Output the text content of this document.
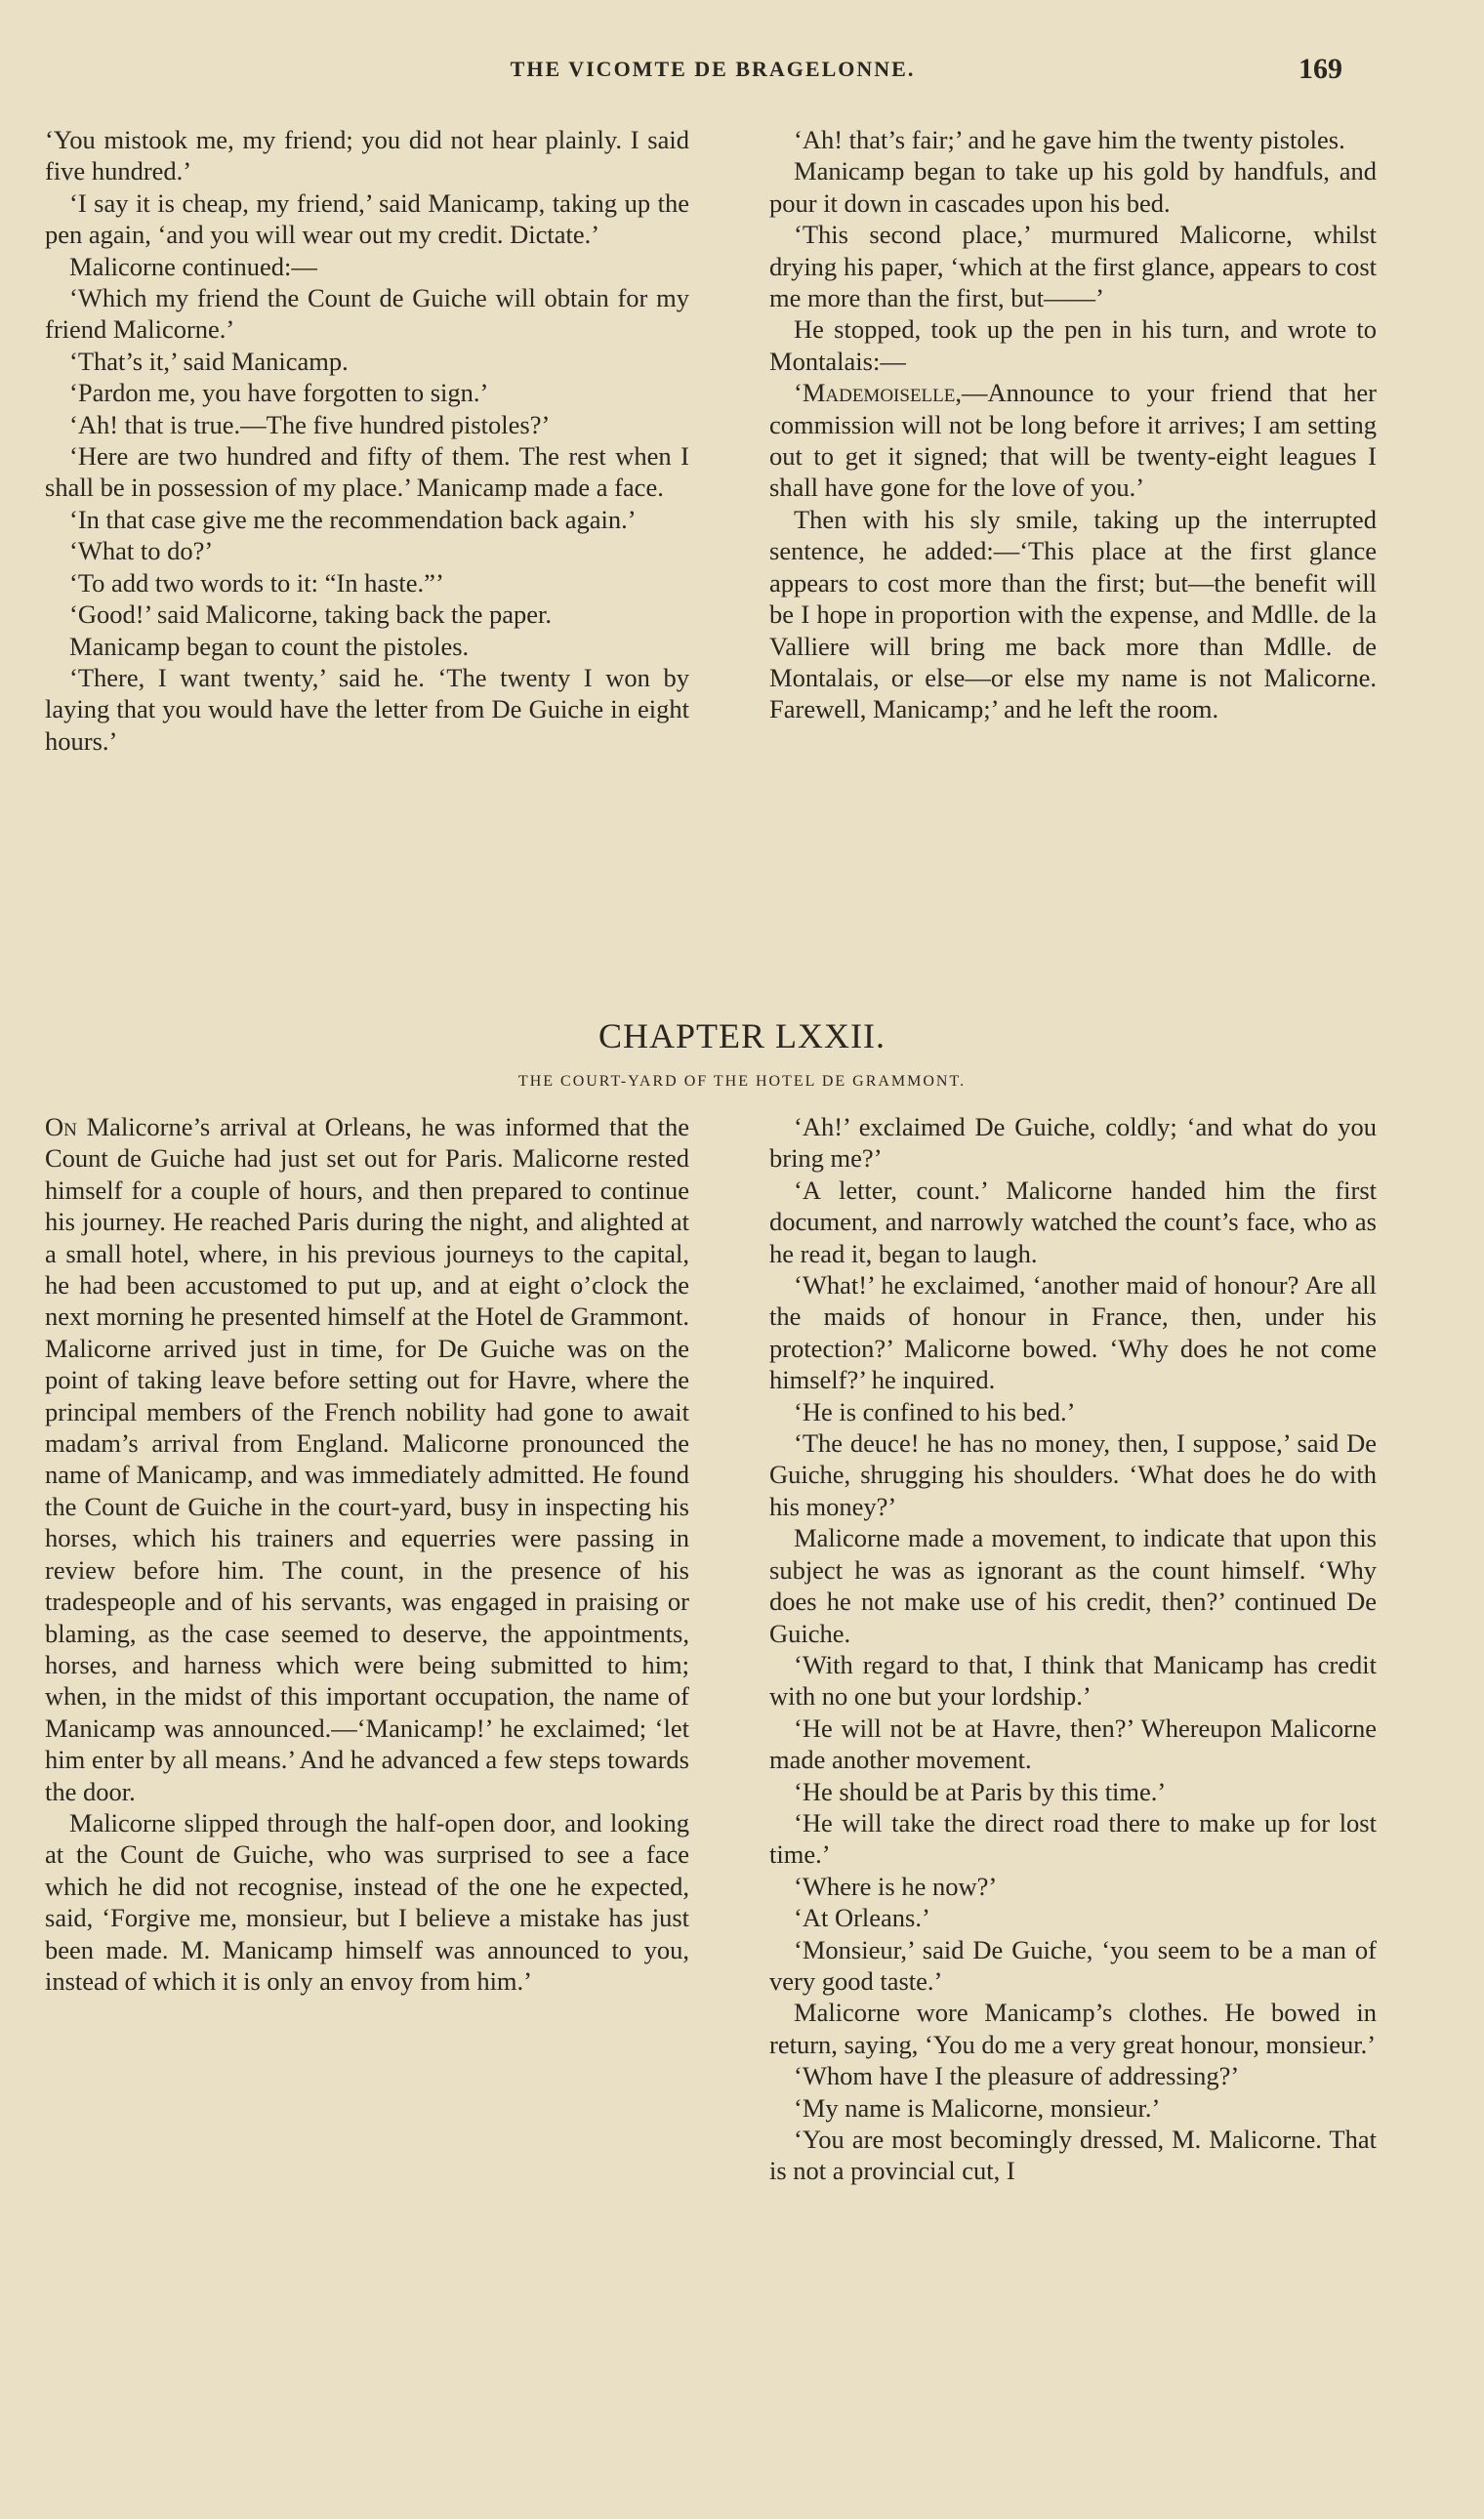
THE VICOMTE DE BRAGELONNE.	169

‘You mistook me, my friend; you did not hear plainly. I said five hundred.’

‘I say it is cheap, my friend,’ said Manicamp, taking up the pen again, ‘and you will wear out my credit. Dictate.’

Malicorne continued:—

‘Which my friend the Count de Guiche will obtain for my friend Malicorne.’

‘That’s it,’ said Manicamp.

‘Pardon me, you have forgotten to sign.’

‘Ah! that is true.—The five hundred pistoles?’

‘Here are two hundred and fifty of them. The rest when I shall be in possession of my place.’ Manicamp made a face.

‘In that case give me the recommendation back again.’

‘What to do?’

‘To add two words to it: “In haste.”’

‘Good!’ said Malicorne, taking back the paper.

Manicamp began to count the pistoles.

‘There, I want twenty,’ said he. ‘The twenty I won by laying that you would have the letter from De Guiche in eight hours.’

‘Ah! that’s fair;’ and he gave him the twenty pistoles.

Manicamp began to take up his gold by handfuls, and pour it down in cascades upon his bed.

‘This second place,’ murmured Malicorne, whilst drying his paper, ‘which at the first glance, appears to cost me more than the first, but——’

He stopped, took up the pen in his turn, and wrote to Montalais:—

‘Mademoiselle,—Announce to your friend that her commission will not be long before it arrives; I am setting out to get it signed; that will be twenty-eight leagues I shall have gone for the love of you.’

Then with his sly smile, taking up the interrupted sentence, he added:—‘This place at the first glance appears to cost more than the first; but—the benefit will be I hope in proportion with the expense, and Mdlle. de la Valliere will bring me back more than Mdlle. de Montalais, or else—or else my name is not Malicorne. Farewell, Manicamp;’ and he left the room.

CHAPTER LXXII.
THE COURT-YARD OF THE HOTEL DE GRAMMONT.

On Malicorne’s arrival at Orleans, he was informed that the Count de Guiche had just set out for Paris. Malicorne rested himself for a couple of hours, and then prepared to continue his journey. He reached Paris during the night, and alighted at a small hotel, where, in his previous journeys to the capital, he had been accustomed to put up, and at eight o’clock the next morning he presented himself at the Hotel de Grammont. Malicorne arrived just in time, for De Guiche was on the point of taking leave before setting out for Havre, where the principal members of the French nobility had gone to await madam’s arrival from England. Malicorne pronounced the name of Manicamp, and was immediately admitted. He found the Count de Guiche in the court-yard, busy in inspecting his horses, which his trainers and equerries were passing in review before him. The count, in the presence of his tradespeople and of his servants, was engaged in praising or blaming, as the case seemed to deserve, the appointments, horses, and harness which were being submitted to him; when, in the midst of this important occupation, the name of Manicamp was announced.—‘Manicamp!’ he exclaimed; ‘let him enter by all means.’ And he advanced a few steps towards the door.

Malicorne slipped through the half-open door, and looking at the Count de Guiche, who was surprised to see a face which he did not recognise, instead of the one he expected, said, ‘Forgive me, monsieur, but I believe a mistake has just been made. M. Manicamp himself was announced to you, instead of which it is only an envoy from him.’

‘Ah!’ exclaimed De Guiche, coldly; ‘and what do you bring me?’

‘A letter, count.’ Malicorne handed him the first document, and narrowly watched the count’s face, who as he read it, began to laugh.

‘What!’ he exclaimed, ‘another maid of honour? Are all the maids of honour in France, then, under his protection?’ Malicorne bowed. ‘Why does he not come himself?’ he inquired.

‘He is confined to his bed.’

‘The deuce! he has no money, then, I suppose,’ said De Guiche, shrugging his shoulders. ‘What does he do with his money?’

Malicorne made a movement, to indicate that upon this subject he was as ignorant as the count himself. ‘Why does he not make use of his credit, then?’ continued De Guiche.

‘With regard to that, I think that Manicamp has credit with no one but your lordship.’

‘He will not be at Havre, then?’ Whereupon Malicorne made another movement.

‘He should be at Paris by this time.’

‘He will take the direct road there to make up for lost time.’

‘Where is he now?’

‘At Orleans.’

‘Monsieur,’ said De Guiche, ‘you seem to be a man of very good taste.’

Malicorne wore Manicamp’s clothes. He bowed in return, saying, ‘You do me a very great honour, monsieur.’

‘Whom have I the pleasure of addressing?’

‘My name is Malicorne, monsieur.’

‘You are most becomingly dressed, M. Malicorne. That is not a provincial cut, I
